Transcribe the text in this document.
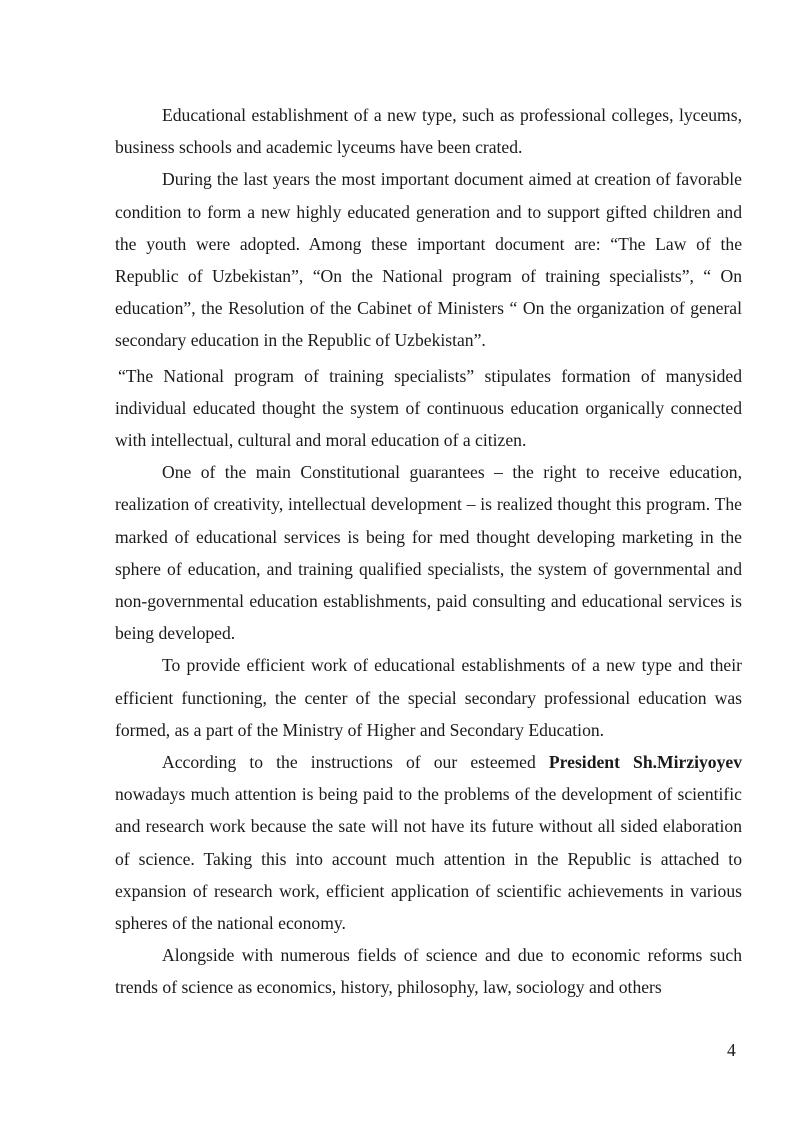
Educational establishment of a new type, such as professional colleges, lyceums, business schools and academic lyceums have been crated.

During the last years the most important document aimed at creation of favorable condition to form a new highly educated generation and to support gifted children and the youth were adopted. Among these important document are: “The Law of the Republic of Uzbekistan”, “On the National program of training specialists”, “ On education”, the Resolution of the Cabinet of Ministers “ On the organization of general secondary education in the Republic of Uzbekistan”.

“The National program of training specialists” stipulates formation of manysided individual educated thought the system of continuous education organically connected with intellectual, cultural and moral education of a citizen.

One of the main Constitutional guarantees – the right to receive education, realization of creativity, intellectual development – is realized thought this program. The marked of educational services is being for med thought developing marketing in the sphere of education, and training qualified specialists, the system of governmental and non-governmental education establishments, paid consulting and educational services is being developed.

To provide efficient work of educational establishments of a new type and their efficient functioning, the center of the special secondary professional education was formed, as a part of the Ministry of Higher and Secondary Education.

According to the instructions of our esteemed President Sh.Mirziyoyev nowadays much attention is being paid to the problems of the development of scientific and research work because the sate will not have its future without all sided elaboration of science. Taking this into account much attention in the Republic is attached to expansion of research work, efficient application of scientific achievements in various spheres of the national economy.

Alongside with numerous fields of science and due to economic reforms such trends of science as economics, history, philosophy, law, sociology and others

4
